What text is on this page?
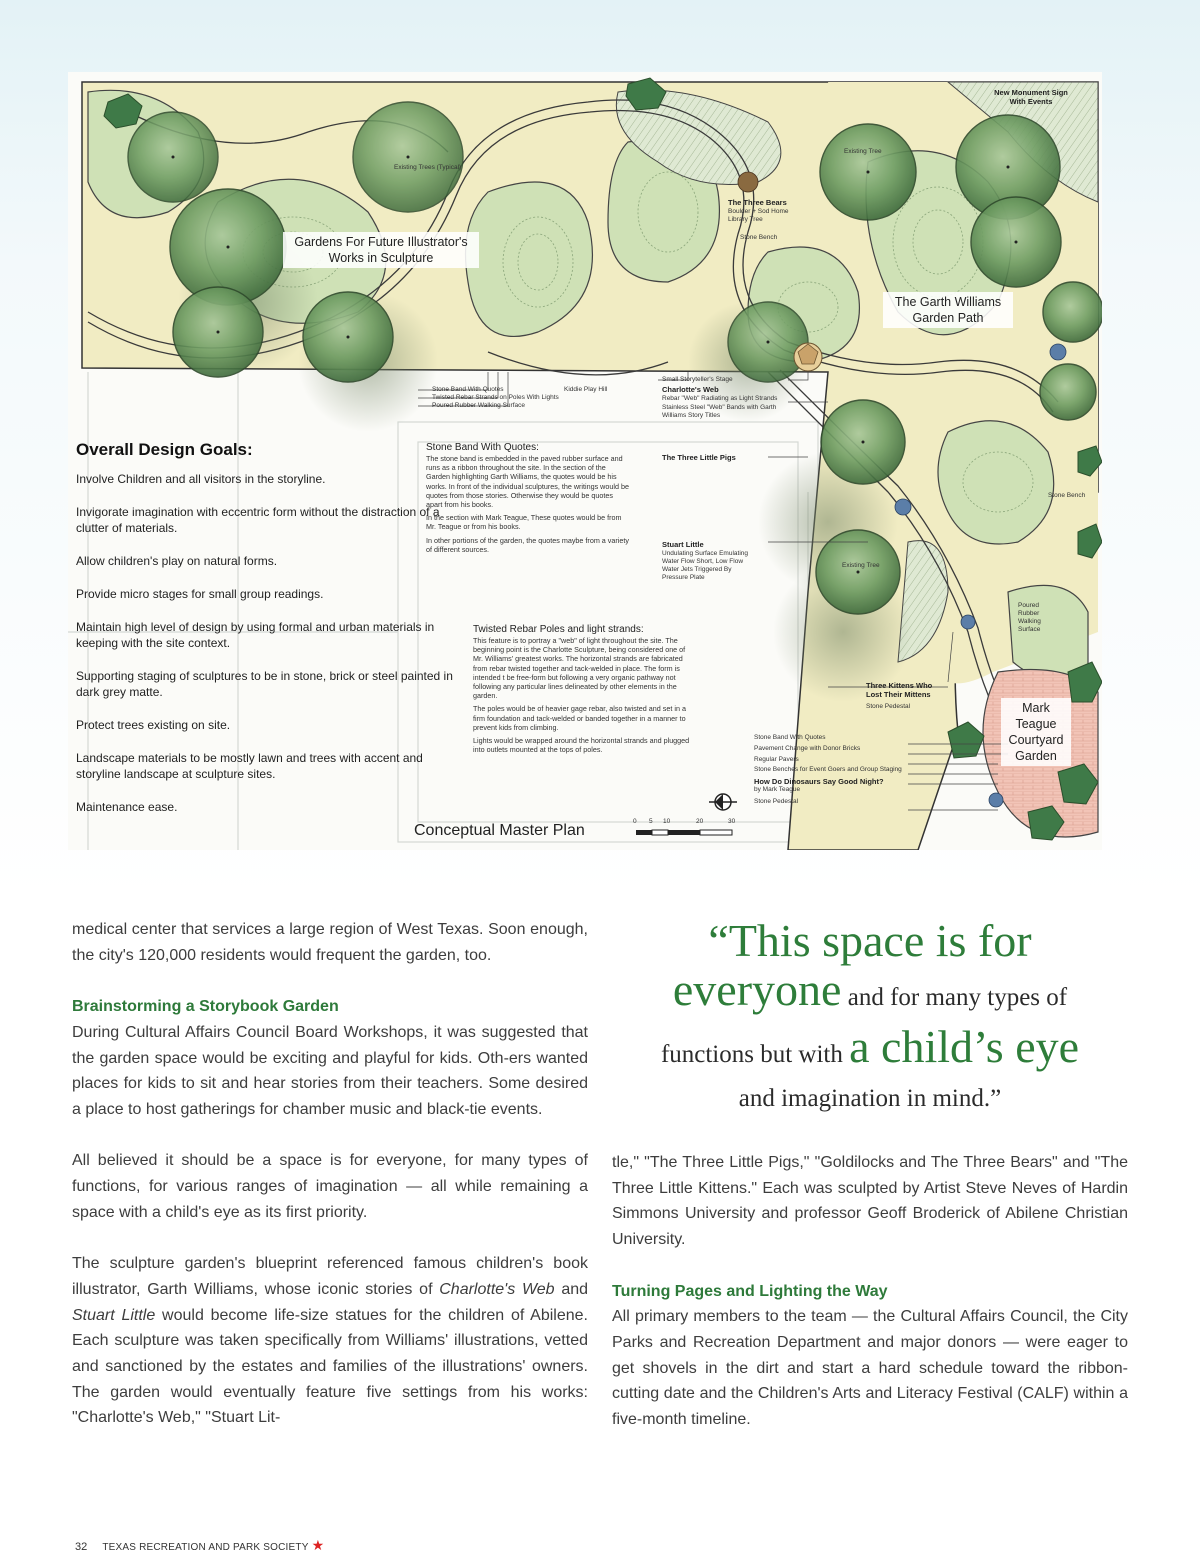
Gardens For Future Illustrator's Works in Sculpture
The Garth Williams Garden Path
Mark Teague Courtyard Garden
New Monument Sign With Events
The Three Bears
Boulder + Sod Home Library Tree
Stone Bench
Existing Trees (Typical)
Existing Tree
Existing Tree
Stone Bench
Poured Rubber Walking Surface
Stone Band With Quotes
Twisted Rebar Strands on Poles With Lights
Poured Rubber Walking Surface
Kiddie Play Hill
Small Storyteller's Stage
Charlotte's Web
Rebar "Web" Radiating as Light Strands
Stainless Steel "Web" Bands with Garth Williams Story Titles
The Three Little Pigs
Stuart Little
Undulating Surface Emulating Water Flow Short, Low Flow Water Jets Triggered By Pressure Plate
Three Kittens Who Lost Their Mittens
Stone Pedestal
Stone Band With Quotes
Pavement Change with Donor Bricks
Regular Pavers
Stone Benches for Event Goers and Group Staging
How Do Dinosaurs Say Good Night?
by Mark Teague
Stone Pedestal
Overall Design Goals:
Involve Children and all visitors in the storyline.
Invigorate imagination with eccentric form without the distraction of a clutter of materials.
Allow children's play on natural forms.
Provide micro stages for small group readings.
Maintain high level of design by using formal and urban materials in keeping with the site context.
Supporting staging of sculptures to be in stone, brick or steel painted in dark grey matte.
Protect trees existing on site.
Landscape materials to be mostly lawn and trees with accent and storyline landscape at sculpture sites.
Maintenance ease.
Stone Band With Quotes:
The stone band is embedded in the paved rubber surface and runs as a ribbon throughout the site. In the section of the Garden highlighting Garth Williams, the quotes would be his works. In front of the individual sculptures, the writings would be quotes from those stories. Otherwise they would be quotes apart from his books.

In the section with Mark Teague, These quotes would be from Mr. Teague or from his books.

In other portions of the garden, the quotes maybe from a variety of different sources.

Twisted Rebar Poles and light strands:
This feature is to portray a "web" of light throughout the site. The beginning point is the Charlotte Sculpture, being considered one of Mr. Williams' greatest works. The horizontal strands are fabricated from rebar twisted together and tack-welded in place. The form is intended t be free-form but following a very organic pathway not following any particular lines delineated by other elements in the garden.

The poles would be of heavier gage rebar, also twisted and set in a firm foundation and tack-welded or banded together in a manner to prevent kids from climbing.

Lights would be wrapped around the horizontal strands and plugged into outlets mounted at the tops of poles.

0 5 10	20	30
Conceptual Master Plan

medical center that services a large region of West Texas. Soon enough, the city's 120,000 residents would frequent the garden, too.

Brainstorming a Storybook Garden

During Cultural Affairs Council Board Workshops, it was suggested that the garden space would be exciting and playful for kids. Oth-ers wanted places for kids to sit and hear stories from their teachers. Some desired a place to host gatherings for chamber music and black-tie events.

All believed it should be a space is for everyone, for many types of functions, for various ranges of imagination — all while remaining a space with a child's eye as its first priority.

The sculpture garden's blueprint referenced famous children's book illustrator, Garth Williams, whose iconic stories of Charlotte's Web and Stuart Little would become life-size statues for the children of Abilene. Each sculpture was taken specifically from Williams' illustrations, vetted and sanctioned by the estates and families of the illustrations' owners. The garden would eventually feature five settings from his works: "Charlotte's Web," "Stuart Lit-

“This space is for
everyone and for many types of
functions but with a child’s eye
and imagination in mind.”

tle," "The Three Little Pigs," "Goldilocks and The Three Bears" and "The Three Little Kittens." Each was sculpted by Artist Steve Neves of Hardin Simmons University and professor Geoff Broderick of Abilene Christian University.

Turning Pages and Lighting the Way

All primary members to the team — the Cultural Affairs Council, the City Parks and Recreation Department and major donors — were eager to get shovels in the dirt and start a hard schedule toward the ribbon-cutting date and the Children's Arts and Literacy Festival (CALF) within a five-month timeline.

32 TEXAS RECREATION AND PARK SOCIETY ★
